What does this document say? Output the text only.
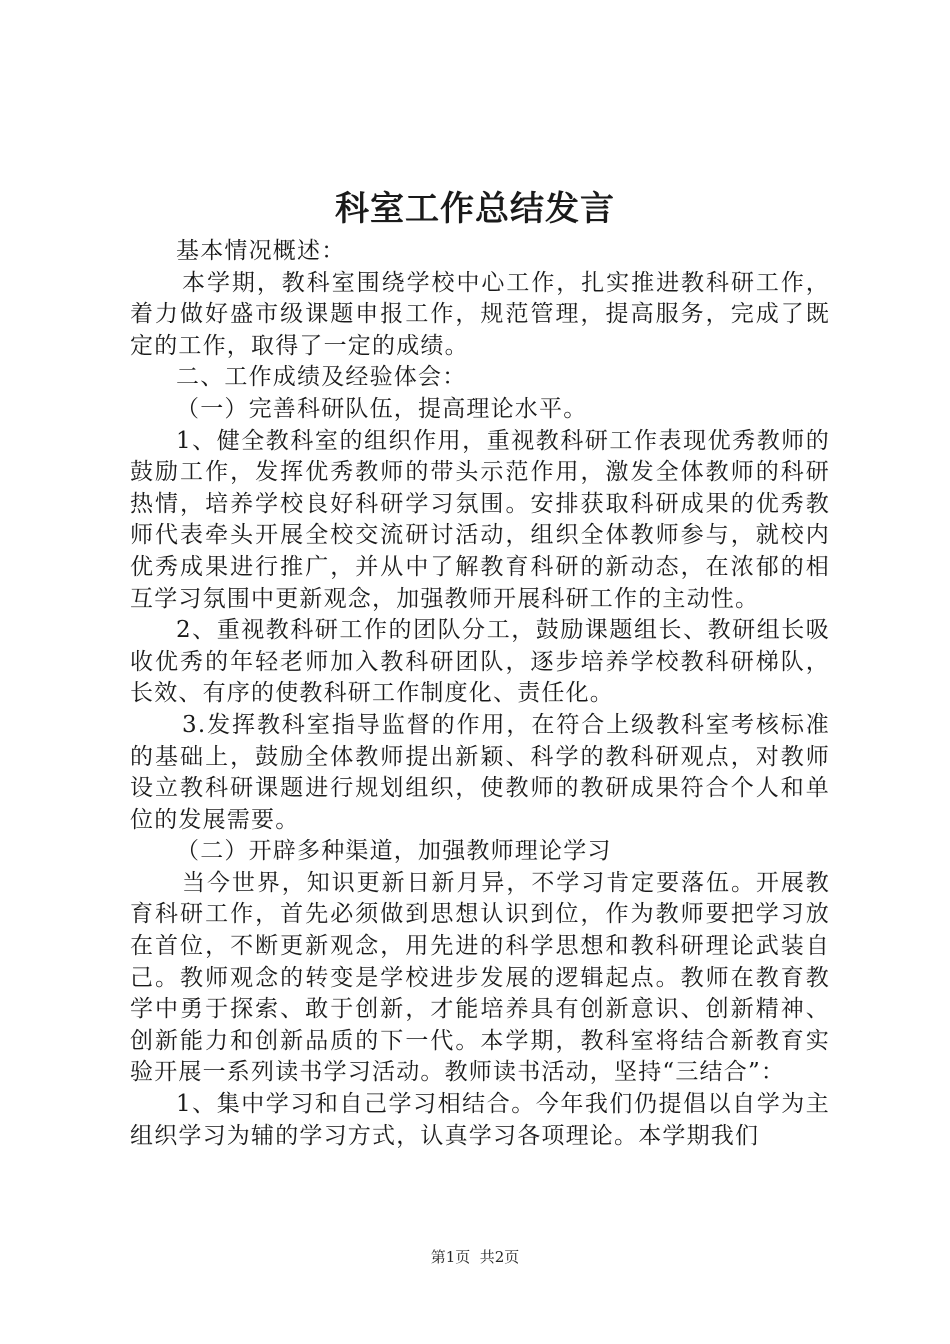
科室工作总结发言

基本情况概述：

本学期，教科室围绕学校中心工作，扎实推进教科研工作，着力做好盛市级课题申报工作，规范管理，提高服务，完成了既定的工作，取得了一定的成绩。

二、工作成绩及经验体会：

（一）完善科研队伍，提高理论水平。

1、健全教科室的组织作用，重视教科研工作表现优秀教师的鼓励工作，发挥优秀教师的带头示范作用，激发全体教师的科研热情，培养学校良好科研学习氛围。安排获取科研成果的优秀教师代表牵头开展全校交流研讨活动，组织全体教师参与，就校内优秀成果进行推广，并从中了解教育科研的新动态，在浓郁的相互学习氛围中更新观念，加强教师开展科研工作的主动性。

2、重视教科研工作的团队分工，鼓励课题组长、教研组长吸收优秀的年轻老师加入教科研团队，逐步培养学校教科研梯队，长效、有序的使教科研工作制度化、责任化。

3.发挥教科室指导监督的作用，在符合上级教科室考核标准的基础上，鼓励全体教师提出新颖、科学的教科研观点，对教师设立教科研课题进行规划组织，使教师的教研成果符合个人和单位的发展需要。

（二）开辟多种渠道，加强教师理论学习

当今世界，知识更新日新月异，不学习肯定要落伍。开展教育科研工作，首先必须做到思想认识到位，作为教师要把学习放在首位，不断更新观念，用先进的科学思想和教科研理论武装自己。教师观念的转变是学校进步发展的逻辑起点。教师在教育教学中勇于探索、敢于创新，才能培养具有创新意识、创新精神、创新能力和创新品质的下一代。本学期，教科室将结合新教育实验开展一系列读书学习活动。教师读书活动，坚持“三结合”：

1、集中学习和自己学习相结合。今年我们仍提倡以自学为主组织学习为辅的学习方式，认真学习各项理论。本学期我们

第1页  共2页
